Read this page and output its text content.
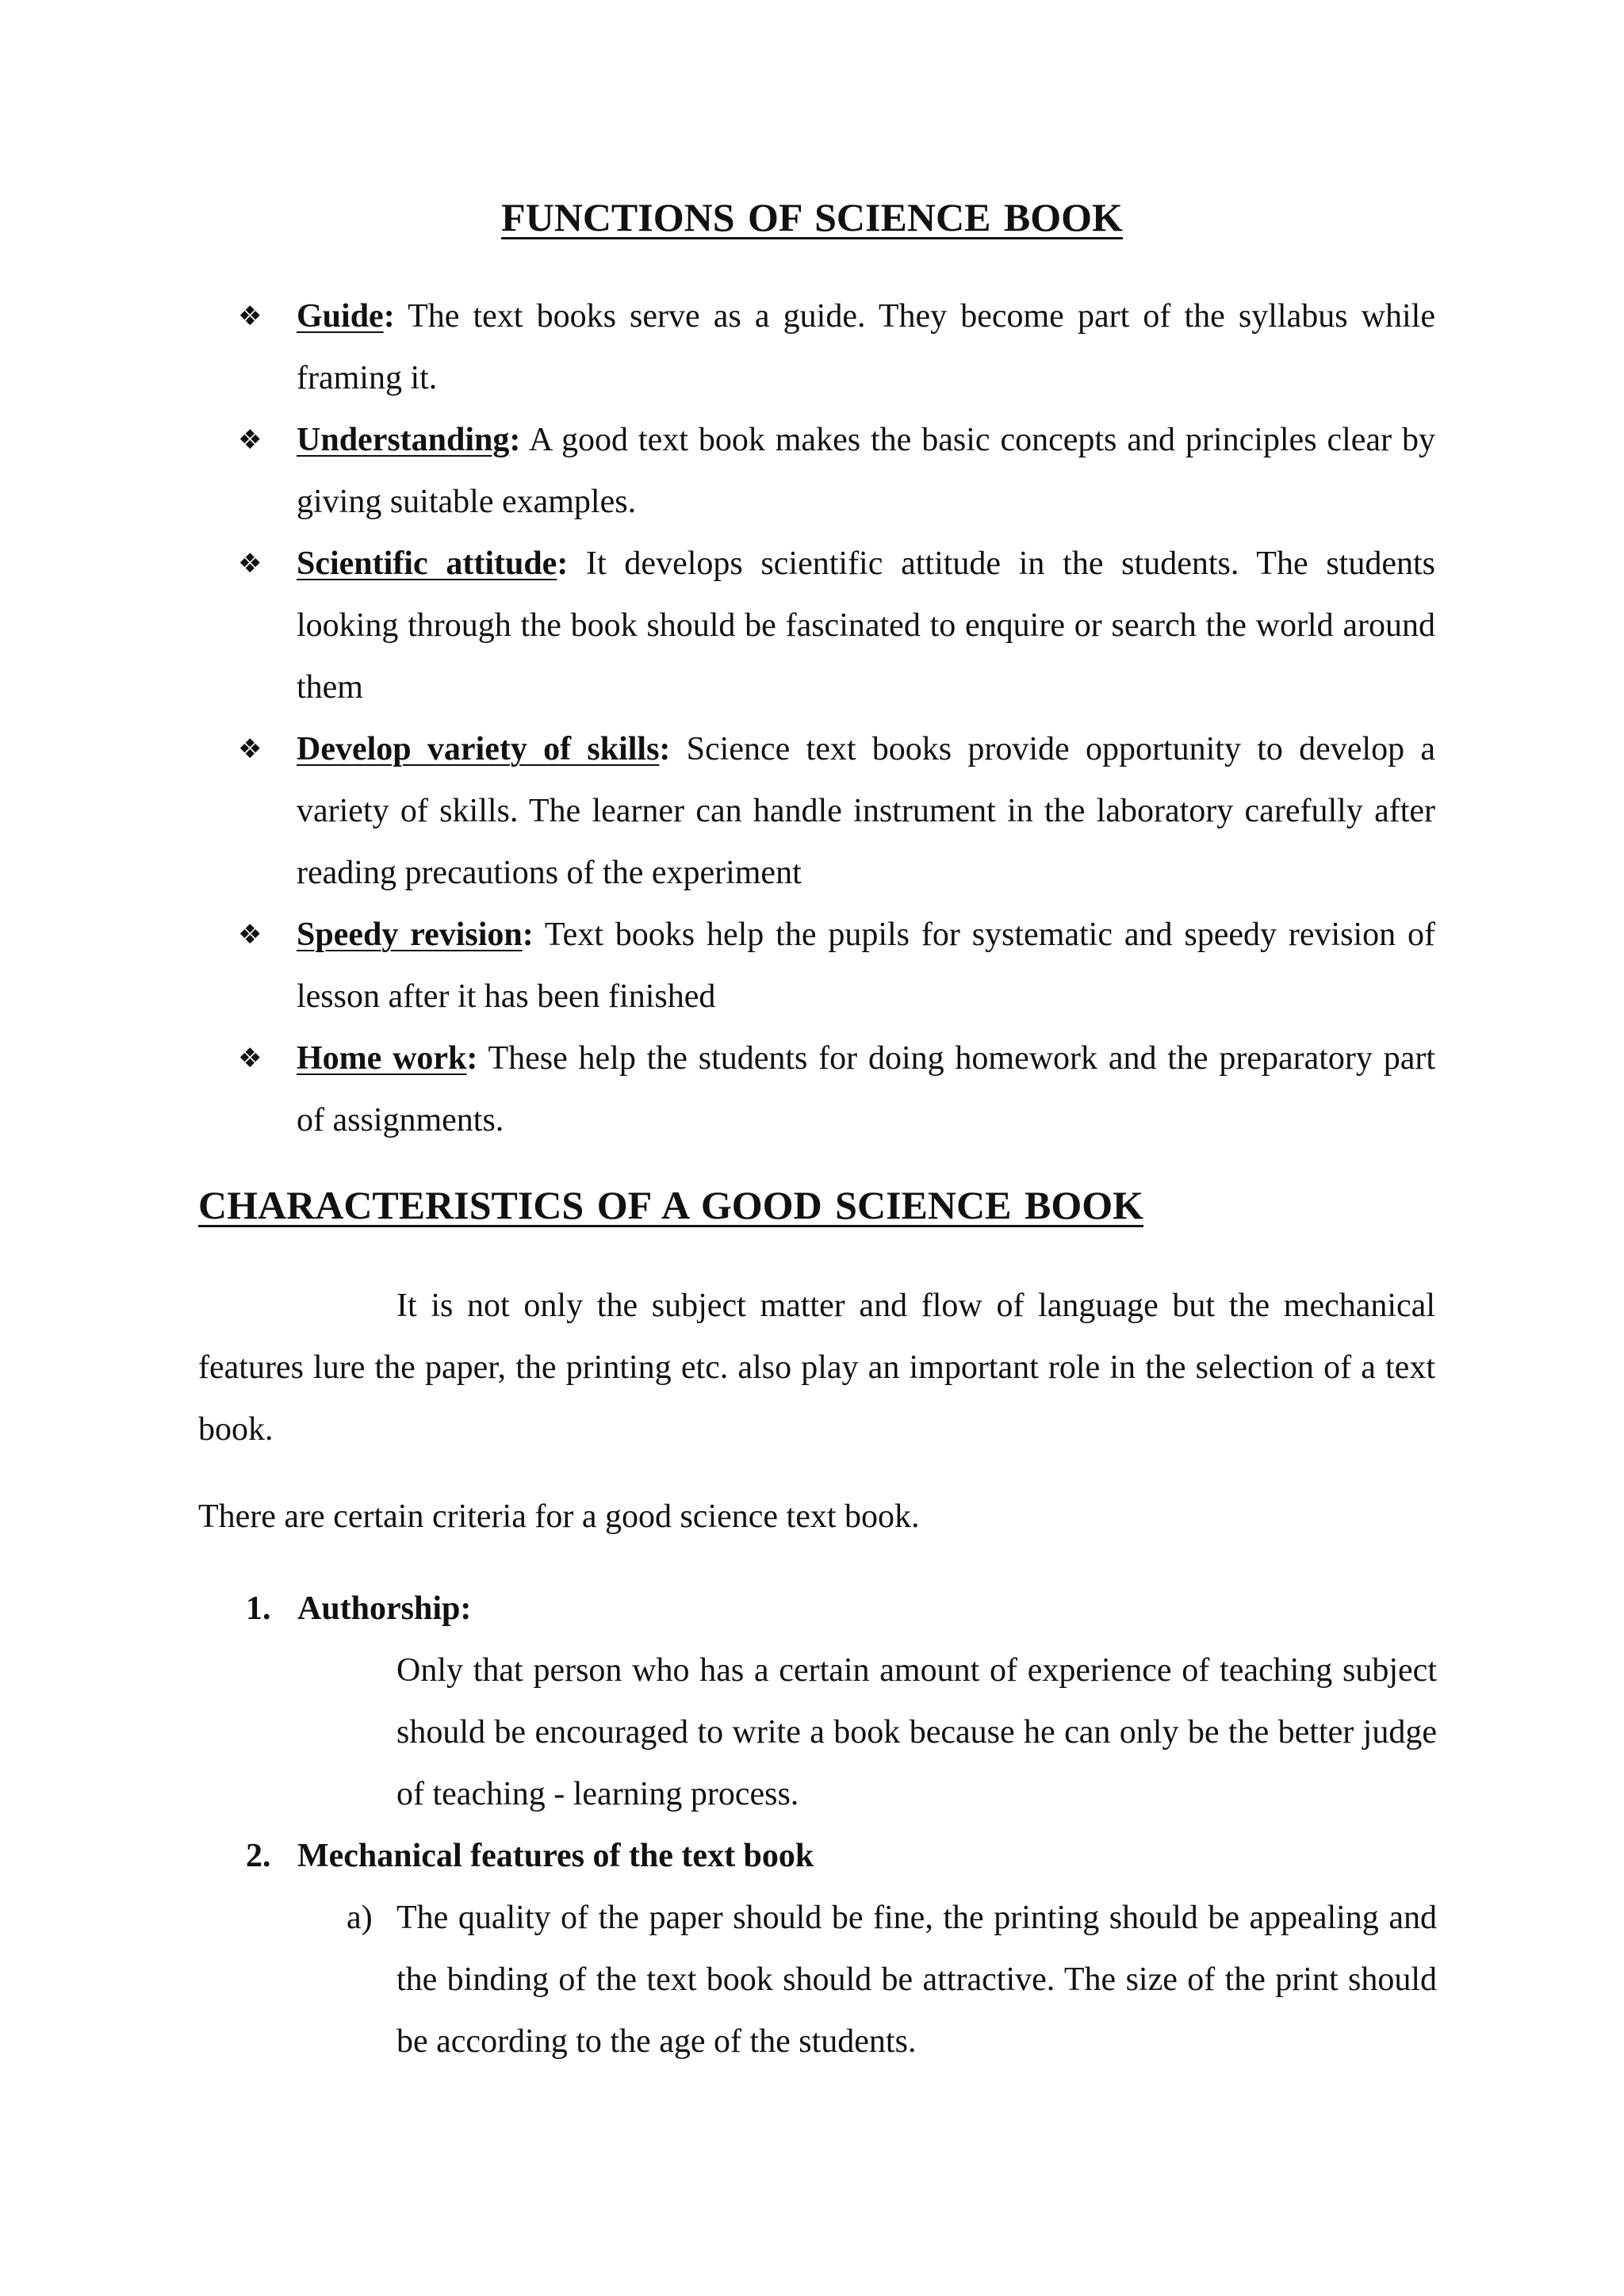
FUNCTIONS OF SCIENCE BOOK
❖ Guide: The text books serve as a guide. They become part of the syllabus while framing it.
❖ Understanding: A good text book makes the basic concepts and principles clear by giving suitable examples.
❖ Scientific attitude: It develops scientific attitude in the students. The students looking through the book should be fascinated to enquire or search the world around them
❖ Develop variety of skills: Science text books provide opportunity to develop a variety of skills. The learner can handle instrument in the laboratory carefully after reading precautions of the experiment
❖ Speedy revision: Text books help the pupils for systematic and speedy revision of lesson after it has been finished
❖ Home work: These help the students for doing homework and the preparatory part of assignments.
CHARACTERISTICS OF A GOOD SCIENCE BOOK
It is not only the subject matter and flow of language but the mechanical features lure the paper, the printing etc. also play an important role in the selection of a text book.
There are certain criteria for a good science text book.
1. Authorship:
Only that person who has a certain amount of experience of teaching subject should be encouraged to write a book because he can only be the better judge of teaching - learning process.
2. Mechanical features of the text book
a) The quality of the paper should be fine, the printing should be appealing and the binding of the text book should be attractive. The size of the print should be according to the age of the students.
